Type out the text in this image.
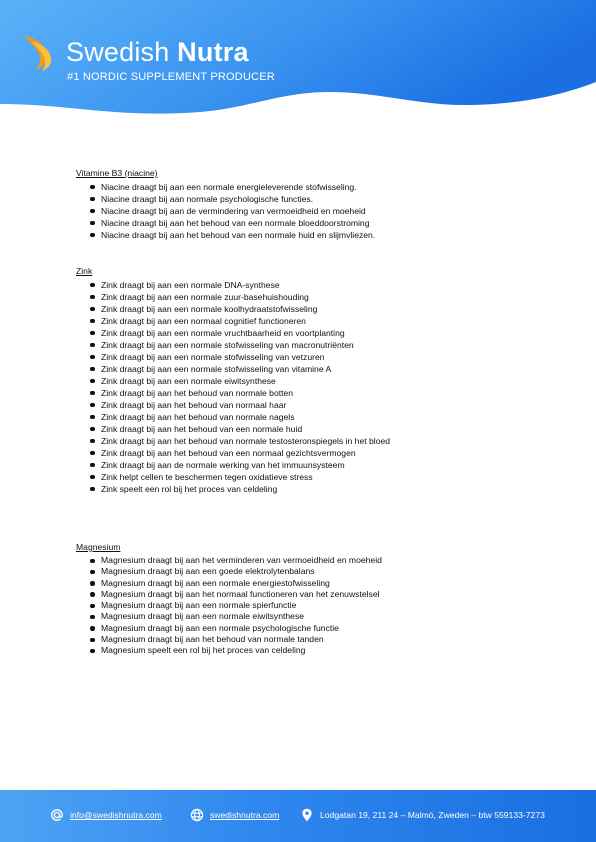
Swedish Nutra
#1 NORDIC SUPPLEMENT PRODUCER
Vitamine B3 (niacine)
Niacine draagt bij aan een normale energieleverende stofwisseling.
Niacine draagt bij aan normale psychologische functies.
Niacine draagt bij aan de vermindering van vermoeidheid en moeheid
Niacine draagt bij aan het behoud van een normale bloeddoorstroming
Niacine draagt bij aan het behoud van een normale huid en slijmvliezen.
Zink
Zink draagt bij aan een normale DNA-synthese
Zink draagt bij aan een normale zuur-basehuishouding
Zink draagt bij aan een normale koolhydraatstofwisseling
Zink draagt bij aan een normaal cognitief functioneren
Zink draagt bij aan een normale vruchtbaarheid en voortplanting
Zink draagt bij aan een normale stofwisseling van macronutriënten
Zink draagt bij aan een normale stofwisseling van vetzuren
Zink draagt bij aan een normale stofwisseling van vitamine A
Zink draagt bij aan een normale eiwitsynthese
Zink draagt bij aan het behoud van normale botten
Zink draagt bij aan het behoud van normaal haar
Zink draagt bij aan het behoud van normale nagels
Zink draagt bij aan het behoud van een normale huid
Zink draagt bij aan het behoud van normale testosteronspiegels in het bloed
Zink draagt bij aan het behoud van een normaal gezichtsvermogen
Zink draagt bij aan de normale werking van het immuunsysteem
Zink helpt cellen te beschermen tegen oxidatieve stress
Zink speelt een rol bij het proces van celdeling
Magnesium
Magnesium draagt bij aan het verminderen van vermoeidheid en moeheid
Magnesium draagt bij aan een goede elektrolytenbalans
Magnesium draagt bij aan een normale energiestofwisseling
Magnesium draagt bij aan het normaal functioneren van het zenuwstelsel
Magnesium draagt bij aan een normale spierfunctie
Magnesium draagt bij aan een normale eiwitsynthese
Magnesium draagt bij aan een normale psychologische functie
Magnesium draagt bij aan het behoud van normale tanden
Magnesium speelt een rol bij het proces van celdeling
info@swedishnutra.com	swedishnutra.com	Lodgatan 19, 211 24 – Malmö, Zweden – btw 559133-7273
